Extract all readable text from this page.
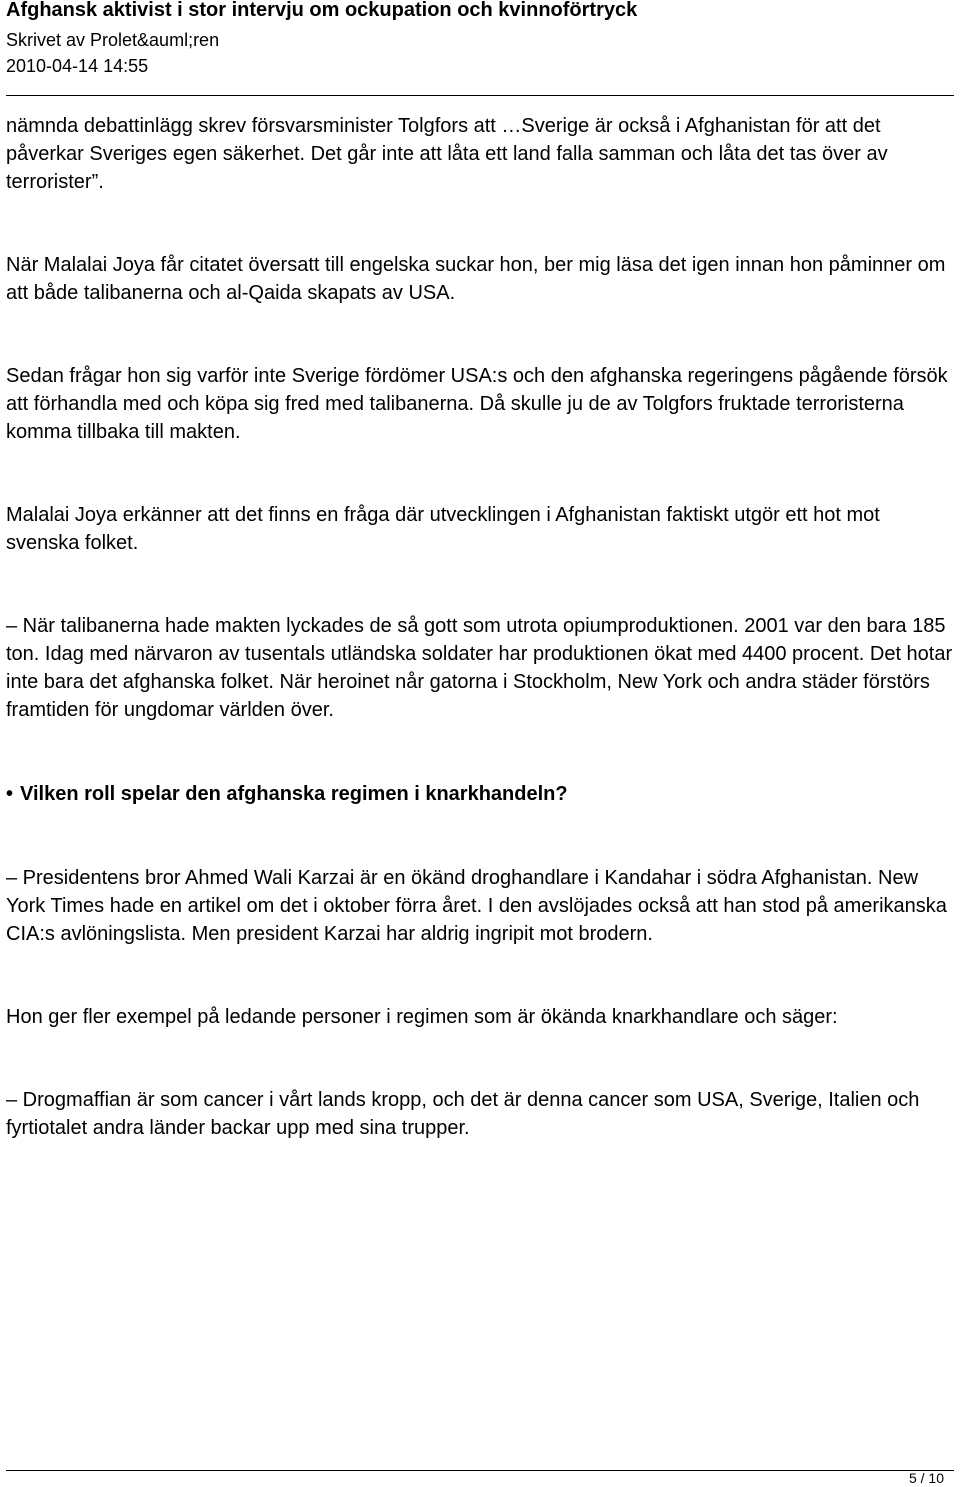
Afghansk aktivist i stor intervju om ockupation och kvinnoförtryck
Skrivet av Prolet&auml;ren
2010-04-14 14:55

nämnda debattinlägg skrev försvarsminister Tolgfors att …Sverige är också i Afghanistan för att det påverkar Sveriges egen säkerhet. Det går inte att låta ett land falla samman och låta det tas över av terrorister”.

När Malalai Joya får citatet översatt till engelska suckar hon, ber mig läsa det igen innan hon påminner om att både talibanerna och al-Qaida skapats av USA.

Sedan frågar hon sig varför inte Sverige fördömer USA:s och den afghanska regeringens pågående försök att förhandla med och köpa sig fred med talibanerna. Då skulle ju de av Tolgfors fruktade terroristerna komma tillbaka till makten.

Malalai Joya erkänner att det finns en fråga där utvecklingen i Afghanistan faktiskt utgör ett hot mot svenska folket.

– När talibanerna hade makten lyckades de så gott som utrota opiumproduktionen. 2001 var den bara 185 ton. Idag med närvaron av tusentals utländska soldater har produktionen ökat med 4400 procent. Det hotar inte bara det afghanska folket. När heroinet når gatorna i Stockholm, New York och andra städer förstörs framtiden för ungdomar världen över.

• Vilken roll spelar den afghanska regimen i knarkhandeln?

– Presidentens bror Ahmed Wali Karzai är en ökänd droghandlare i Kandahar i södra Afghanistan. New York Times hade en artikel om det i oktober förra året. I den avslöjades också att han stod på amerikanska CIA:s avlöningslista. Men president Karzai har aldrig ingripit mot brodern.

Hon ger fler exempel på ledande personer i regimen som är ökända knarkhandlare och säger:

– Drogmaffian är som cancer i vårt lands kropp, och det är denna cancer som USA, Sverige, Italien och fyrtiotalet andra länder backar upp med sina trupper.

5 / 10
